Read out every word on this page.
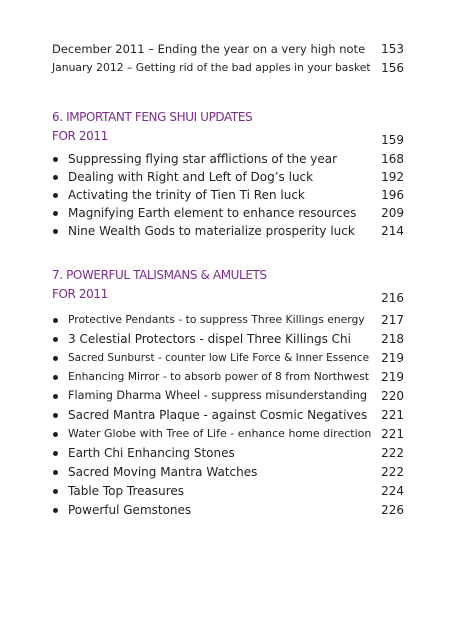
December 2011 – Ending the year on a very high note 153
January 2012 – Getting rid of the bad apples in your basket 156
6. IMPORTANT FENG SHUI UPDATES
FOR 2011	159
Suppressing flying star afflictions of the year	168
Dealing with Right and Left of Dog’s luck	192
Activating the trinity of Tien Ti Ren luck	196
Magnifying Earth element to enhance resources 209
Nine Wealth Gods to materialize prosperity luck 214
7. POWERFUL TALISMANS & AMULETS
FOR 2011	216
Protective Pendants - to suppress Three Killings energy 217
3 Celestial Protectors - dispel Three Killings Chi	218
Sacred Sunburst - counter low Life Force & Inner Essence 219
Enhancing Mirror - to absorb power of 8 from Northwest 219
Flaming Dharma Wheel - suppress misunderstanding 220
Sacred Mantra Plaque - against Cosmic Negatives 221
Water Globe with Tree of Life - enhance home direction 221
Earth Chi Enhancing Stones	222
Sacred Moving Mantra Watches	222
Table Top Treasures	224
Powerful Gemstones	226
